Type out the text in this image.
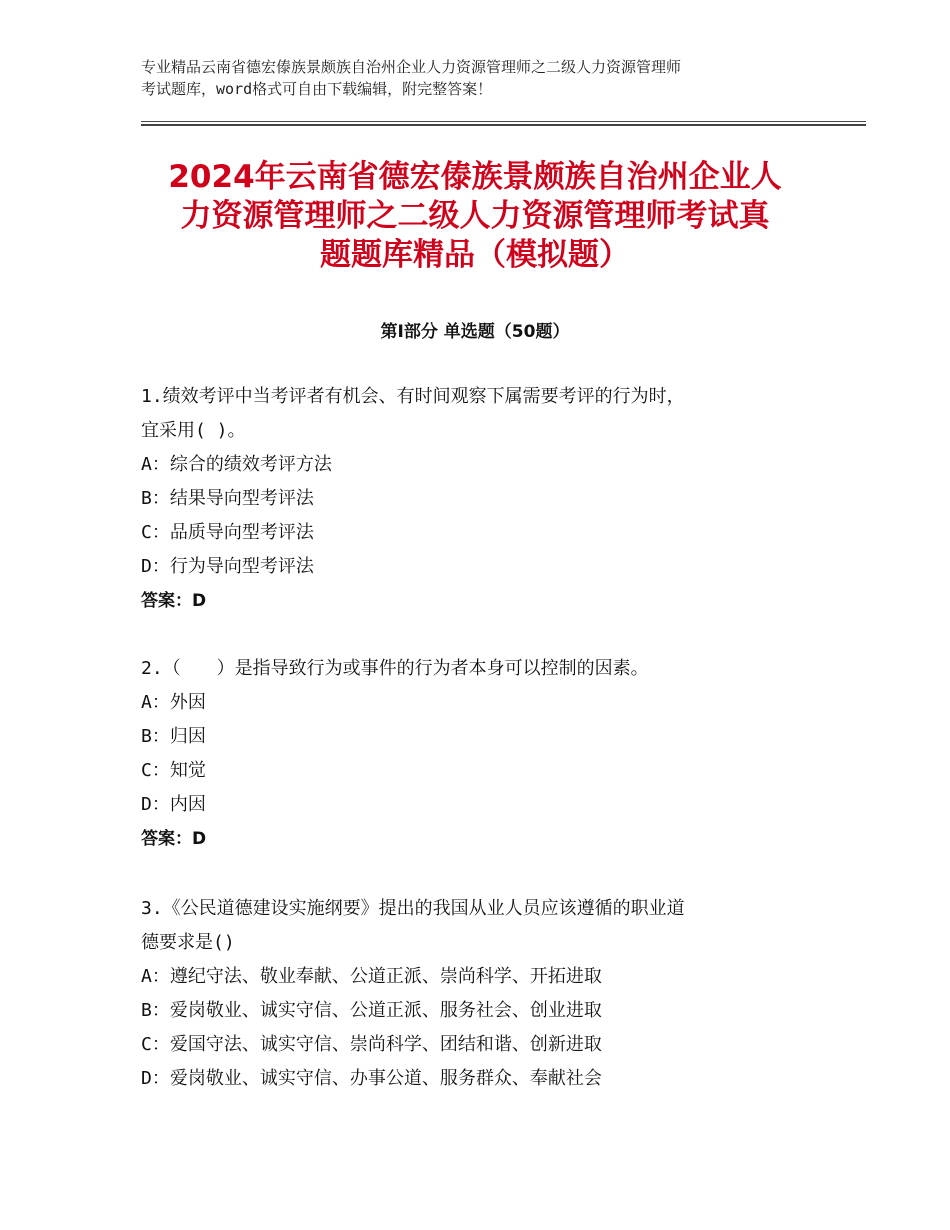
专业精品云南省德宏傣族景颇族自治州企业人力资源管理师之二级人力资源管理师
考试题库，word格式可自由下载编辑，附完整答案！
2024年云南省德宏傣族景颇族自治州企业人
力资源管理师之二级人力资源管理师考试真
题题库精品（模拟题）
第Ⅰ部分 单选题（50题）
1.绩效考评中当考评者有机会、有时间观察下属需要考评的行为时，
宜采用( )。
A：综合的绩效考评方法
B：结果导向型考评法
C：品质导向型考评法
D：行为导向型考评法
答案：D
2.（　　）是指导致行为或事件的行为者本身可以控制的因素。
A：外因
B：归因
C：知觉
D：内因
答案：D
3.《公民道德建设实施纲要》提出的我国从业人员应该遵循的职业道
德要求是()
A：遵纪守法、敬业奉献、公道正派、崇尚科学、开拓进取
B：爱岗敬业、诚实守信、公道正派、服务社会、创业进取
C：爱国守法、诚实守信、崇尚科学、团结和谐、创新进取
D：爱岗敬业、诚实守信、办事公道、服务群众、奉献社会
